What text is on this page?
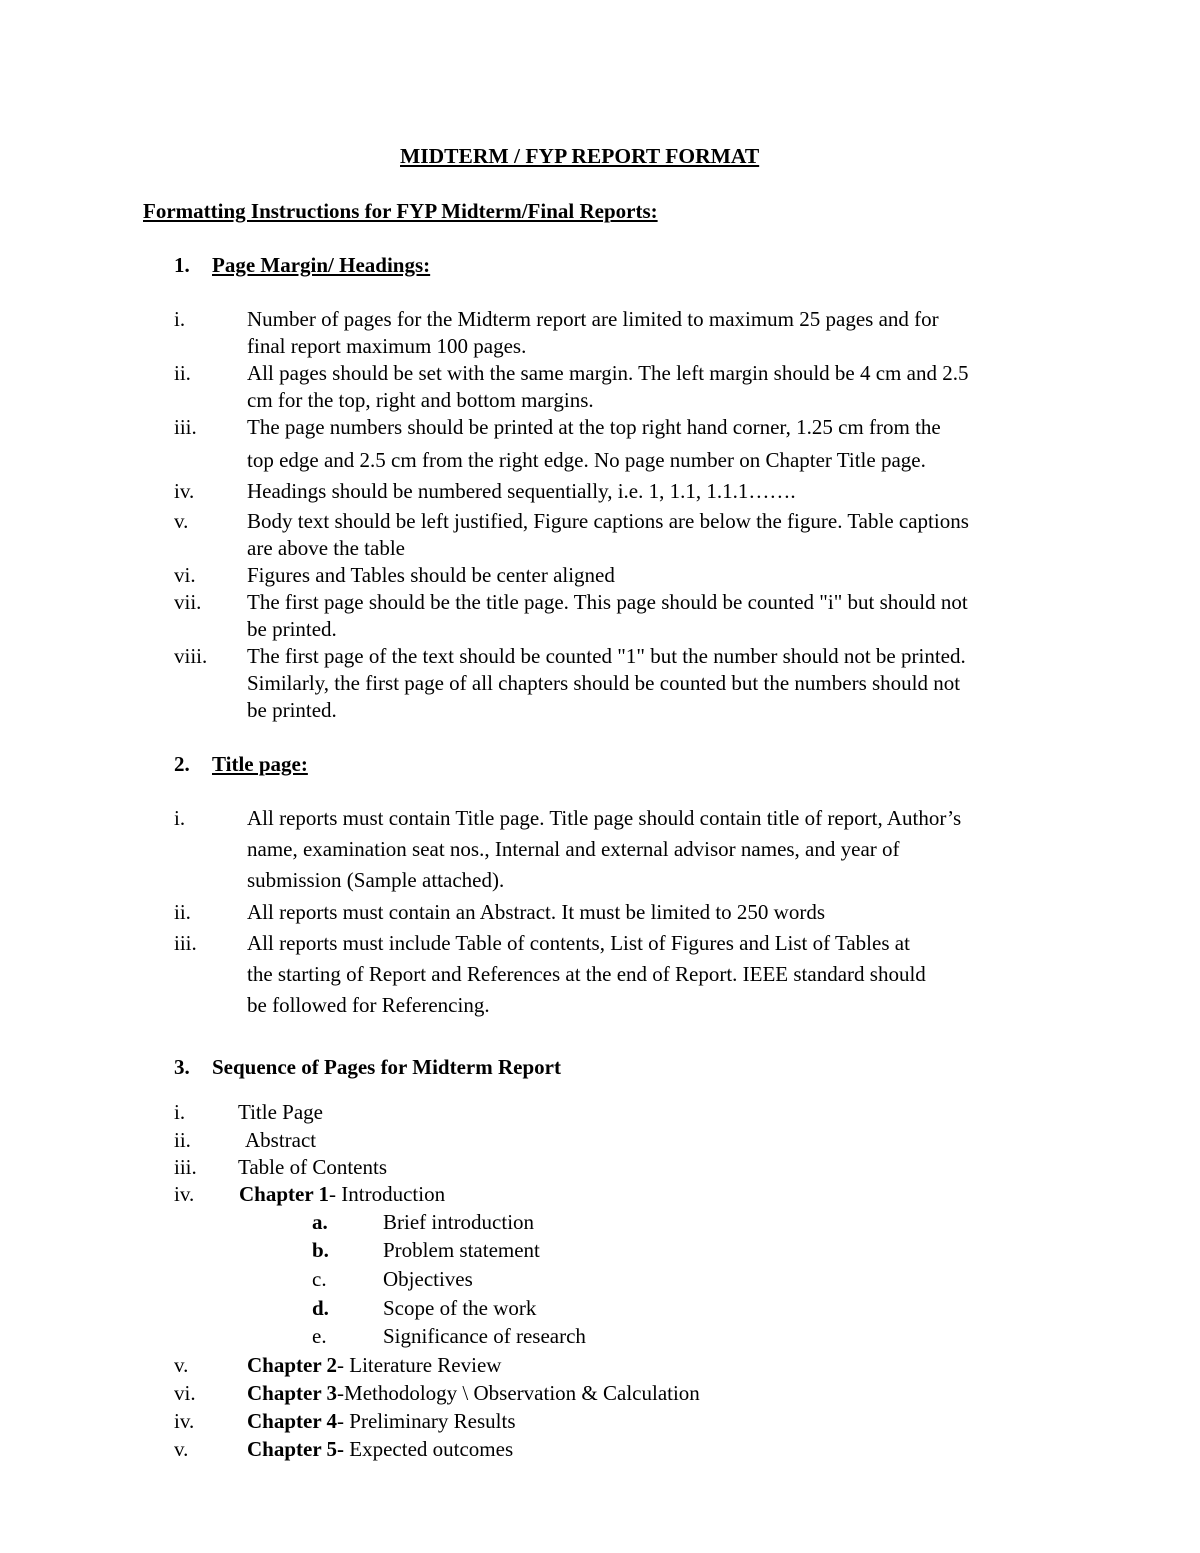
MIDTERM / FYP REPORT FORMAT
Formatting Instructions for FYP Midterm/Final Reports:
1. Page Margin/ Headings:
i.	Number of pages for the Midterm report are limited to maximum 25 pages and for
final report maximum 100 pages.
ii.	All pages should be set with the same margin. The left margin should be 4 cm and 2.5
cm for the top, right and bottom margins.
iii. The page numbers should be printed at the top right hand corner, 1.25 cm from the
top edge and 2.5 cm from the right edge. No page number on Chapter Title page.
iv.	Headings should be numbered sequentially, i.e. 1, 1.1, 1.1.1…….
v.	Body text should be left justified, Figure captions are below the figure. Table captions
are above the table
vi. Figures and Tables should be center aligned
vii. The first page should be the title page. This page should be counted "i" but should not
be printed.
viii. The first page of the text should be counted "1" but the number should not be printed.
Similarly, the first page of all chapters should be counted but the numbers should not
be printed.
2. Title page:
i.	All reports must contain Title page. Title page should contain title of report, Author’s
name, examination seat nos., Internal and external advisor names, and year of
submission (Sample attached).
ii.	All reports must contain an Abstract. It must be limited to 250 words
iii. All reports must include Table of contents, List of Figures and List of Tables at
the starting of Report and References at the end of Report. IEEE standard should
be followed for Referencing.
3. Sequence of Pages for Midterm Report
i.	Title Page
ii.	Abstract
iii. Table of Contents
iv. Chapter 1- Introduction
a.	Brief introduction
b.	Problem statement
c.	Objectives
d.	Scope of the work
e.	Significance of research
v.	Chapter 2- Literature Review
vi. Chapter 3-Methodology \ Observation & Calculation
iv.	Chapter 4- Preliminary Results
v.	Chapter 5- Expected outcomes
